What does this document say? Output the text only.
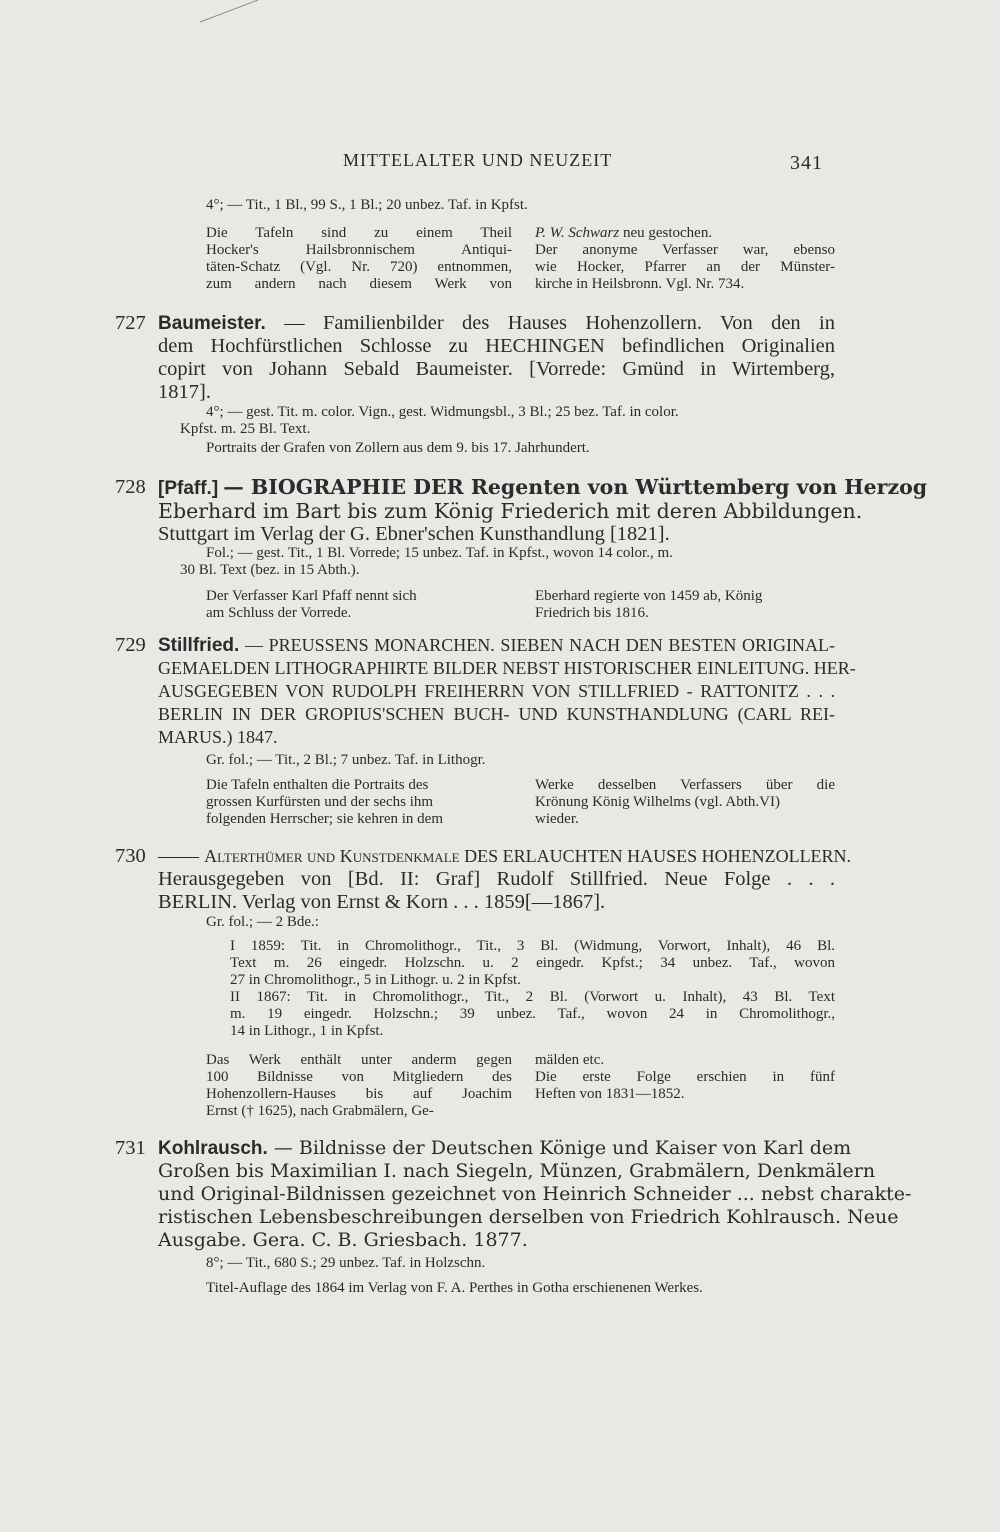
MITTELALTER UND NEUZEIT	341
4°; — Tit., 1 Bl., 99 S., 1 Bl.; 20 unbez. Taf. in Kpfst.
Die Tafeln sind zu einem Theil
Hocker's Hailsbronnischem Antiqui-
täten-Schatz (Vgl. Nr. 720) entnommen,
zum andern nach diesem Werk von
P. W. Schwarz neu gestochen.
Der anonyme Verfasser war, ebenso
wie Hocker, Pfarrer an der Münster-
kirche in Heilsbronn. Vgl. Nr. 734.
727 Baumeister. — Familienbilder des Hauses Hohenzollern. Von den in
dem Hochfürstlichen Schlosse zu HECHINGEN befindlichen Originalien
copirt von Johann Sebald Baumeister. [Vorrede: Gmünd in Wirtemberg,
1817].
4°; — gest. Tit. m. color. Vign., gest. Widmungsbl., 3 Bl.; 25 bez. Taf. in color.
Kpfst. m. 25 Bl. Text.
Portraits der Grafen von Zollern aus dem 9. bis 17. Jahrhundert.
728 [Pfaff.] — BIOGRAPHIE DER Regenten von Württemberg von Herzog
Eberhard im Bart bis zum König Friederich mit deren Abbildungen.
Stuttgart im Verlag der G. Ebner'schen Kunsthandlung [1821].
Fol.; — gest. Tit., 1 Bl. Vorrede; 15 unbez. Taf. in Kpfst., wovon 14 color., m.
30 Bl. Text (bez. in 15 Abth.).
Der Verfasser Karl Pfaff nennt sich
am Schluss der Vorrede.
Eberhard regierte von 1459 ab, König
Friedrich bis 1816.
729 Stillfried. — PREUSSENS MONARCHEN. SIEBEN NACH DEN BESTEN ORIGINAL-
GEMAELDEN LITHOGRAPHIRTE BILDER NEBST HISTORISCHER EINLEITUNG. HER-
AUSGEGEBEN VON RUDOLPH FREIHERRN VON STILLFRIED - RATTONITZ . . .
BERLIN IN DER GROPIUS'SCHEN BUCH- UND KUNSTHANDLUNG (CARL REI-
MARUS.) 1847.
Gr. fol.; — Tit., 2 Bl.; 7 unbez. Taf. in Lithogr.
Die Tafeln enthalten die Portraits des
grossen Kurfürsten und der sechs ihm
folgenden Herrscher; sie kehren in dem
Werke desselben Verfassers über die
Krönung König Wilhelms (vgl. Abth.VI)
wieder.
730 —— Alterthümer und Kunstdenkmale DES ERLAUCHTEN HAUSES HOHENZOLLERN.
Herausgegeben von [Bd. II: Graf] Rudolf Stillfried. Neue Folge . . .
BERLIN. Verlag von Ernst & Korn . . . 1859[—1867].
Gr. fol.; — 2 Bde.:
I 1859: Tit. in Chromolithogr., Tit., 3 Bl. (Widmung, Vorwort, Inhalt), 46 Bl.
Text m. 26 eingedr. Holzschn. u. 2 eingedr. Kpfst.; 34 unbez. Taf., wovon
27 in Chromolithogr., 5 in Lithogr. u. 2 in Kpfst.
II 1867: Tit. in Chromolithogr., Tit., 2 Bl. (Vorwort u. Inhalt), 43 Bl. Text
m. 19 eingedr. Holzschn.; 39 unbez. Taf., wovon 24 in Chromolithogr.,
14 in Lithogr., 1 in Kpfst.
Das Werk enthält unter anderm gegen
100 Bildnisse von Mitgliedern des
Hohenzollern-Hauses bis auf Joachim
Ernst († 1625), nach Grabmälern, Ge-
mälden etc.
Die erste Folge erschien in fünf
Heften von 1831—1852.
731 Kohlrausch. — Bildnisse der Deutschen Könige und Kaiser von Karl dem
Großen bis Maximilian I. nach Siegeln, Münzen, Grabmälern, Denkmälern
und Original-Bildnissen gezeichnet von Heinrich Schneider ... nebst charakte-
ristischen Lebensbeschreibungen derselben von Friedrich Kohlrausch. Neue
Ausgabe. Gera. C. B. Griesbach. 1877.
8°; — Tit., 680 S.; 29 unbez. Taf. in Holzschn.
Titel-Auflage des 1864 im Verlag von F. A. Perthes in Gotha erschienenen Werkes.
